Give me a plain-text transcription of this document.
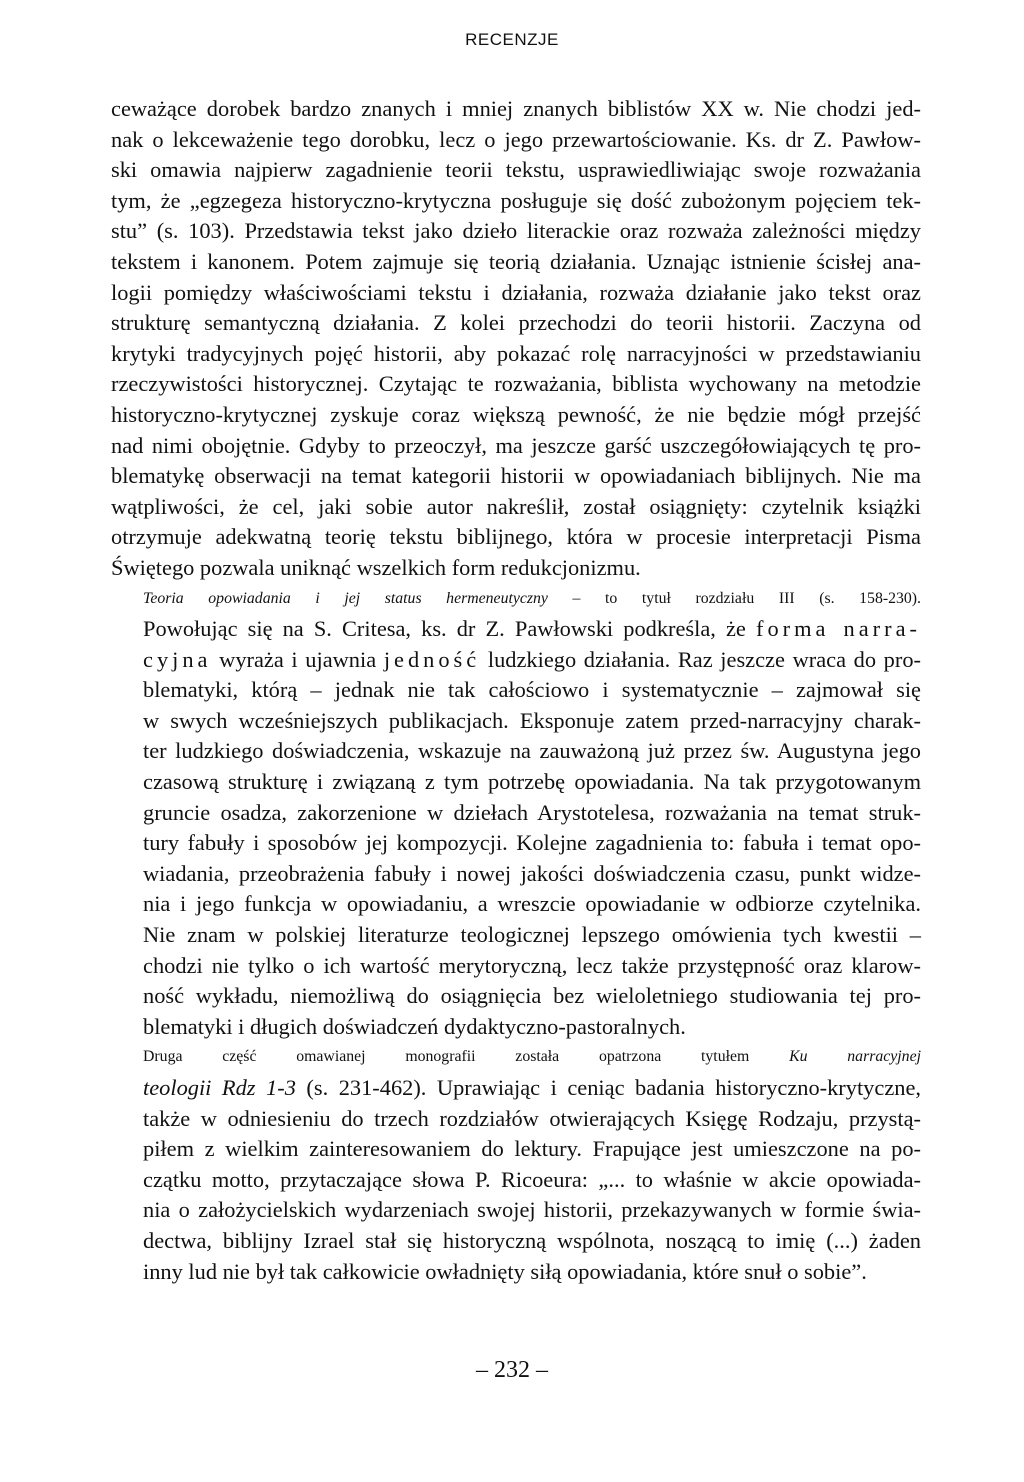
RECENZJE

ceważące dorobek bardzo znanych i mniej znanych biblistów XX w. Nie chodzi jed-
nak o lekceważenie tego dorobku, lecz o jego przewartościowanie. Ks. dr Z. Pawłow-
ski omawia najpierw zagadnienie teorii tekstu, usprawiedliwiając swoje rozważania
tym, że „egzegeza historyczno-krytyczna posługuje się dość zubożonym pojęciem tek-
stu” (s. 103). Przedstawia tekst jako dzieło literackie oraz rozważa zależności między
tekstem i kanonem. Potem zajmuje się teorią działania. Uznając istnienie ścisłej ana-
logii pomiędzy właściwościami tekstu i działania, rozważa działanie jako tekst oraz
strukturę semantyczną działania. Z kolei przechodzi do teorii historii. Zaczyna od
krytyki tradycyjnych pojęć historii, aby pokazać rolę narracyjności w przedstawianiu
rzeczywistości historycznej. Czytając te rozważania, biblista wychowany na metodzie
historyczno-krytycznej zyskuje coraz większą pewność, że nie będzie mógł przejść
nad nimi obojętnie. Gdyby to przeoczył, ma jeszcze garść uszczegółowiających tę pro-
blematykę obserwacji na temat kategorii historii w opowiadaniach biblijnych. Nie ma
wątpliwości, że cel, jaki sobie autor nakreślił, został osiągnięty: czytelnik książki
otrzymuje adekwatną teorię tekstu biblijnego, która w procesie interpretacji Pisma
Świętego pozwala uniknąć wszelkich form redukcjonizmu.

Teoria opowiadania i jej status hermeneutyczny – to tytuł rozdziału III (s. 158-230).
Powołując się na S. Critesa, ks. dr Z. Pawłowski podkreśla, że forma narra-
cyjna wyraża i ujawnia jedność ludzkiego działania. Raz jeszcze wraca do pro-
blematyki, którą – jednak nie tak całościowo i systematycznie – zajmował się
w swych wcześniejszych publikacjach. Eksponuje zatem przed-narracyjny charak-
ter ludzkiego doświadczenia, wskazuje na zauważoną już przez św. Augustyna jego
czasową strukturę i związaną z tym potrzebę opowiadania. Na tak przygotowanym
gruncie osadza, zakorzenione w dziełach Arystotelesa, rozważania na temat struk-
tury fabuły i sposobów jej kompozycji. Kolejne zagadnienia to: fabuła i temat opo-
wiadania, przeobrażenia fabuły i nowej jakości doświadczenia czasu, punkt widze-
nia i jego funkcja w opowiadaniu, a wreszcie opowiadanie w odbiorze czytelnika.
Nie znam w polskiej literaturze teologicznej lepszego omówienia tych kwestii –
chodzi nie tylko o ich wartość merytoryczną, lecz także przystępność oraz klarow-
ność wykładu, niemożliwą do osiągnięcia bez wieloletniego studiowania tej pro-
blematyki i długich doświadczeń dydaktyczno-pastoralnych.

Druga część omawianej monografii została opatrzona tytułem Ku narracyjnej
teologii Rdz 1-3 (s. 231-462). Uprawiając i ceniąc badania historyczno-krytyczne,
także w odniesieniu do trzech rozdziałów otwierających Księgę Rodzaju, przystą-
piłem z wielkim zainteresowaniem do lektury. Frapujące jest umieszczone na po-
czątku motto, przytaczające słowa P. Ricoeura: „... to właśnie w akcie opowiada-
nia o założycielskich wydarzeniach swojej historii, przekazywanych w formie świa-
dectwa, biblijny Izrael stał się historyczną wspólnota, noszącą to imię (...) żaden
inny lud nie był tak całkowicie owładnięty siłą opowiadania, które snuł o sobie”.

– 232 –
